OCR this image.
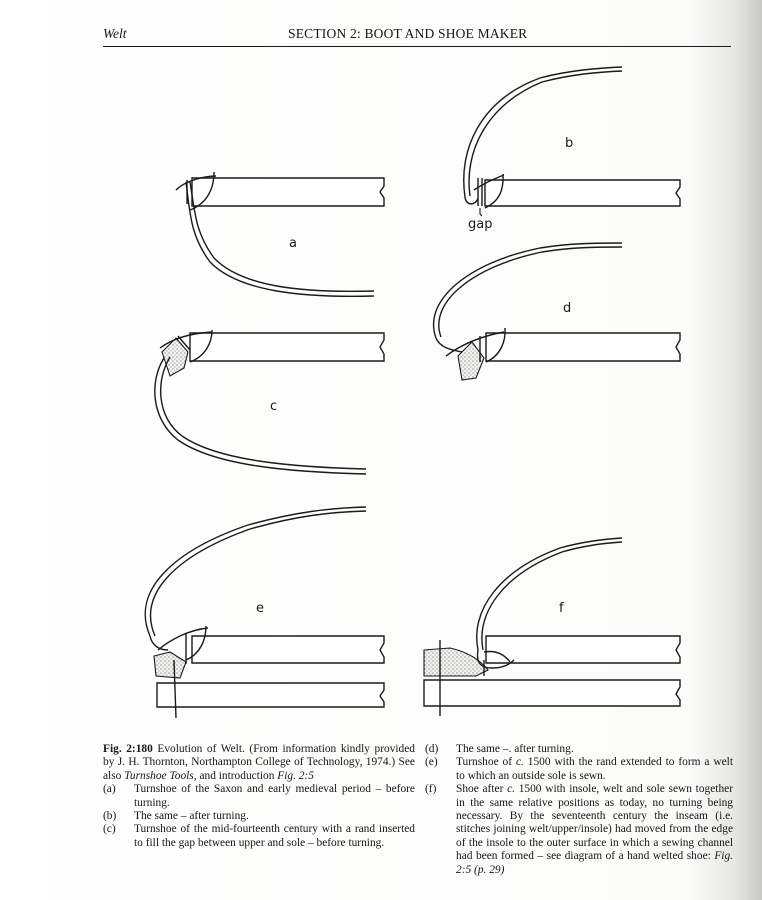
Welt	SECTION 2: BOOT AND SHOE MAKER
a
gap
b
c
d
e	f
Fig. 2:180 Evolution of Welt. (From information kindly provided by J. H. Thornton, Northampton College of Technology, 1974.) See also Turnshoe Tools, and introduction Fig. 2:5
(a)	Turnshoe of the Saxon and early medieval period – before turning.
(b)	The same – after turning.
(c)	Turnshoe of the mid-fourteenth century with a rand inserted to fill the gap between upper and sole – before turning.
(d)	The same –. after turning.
(e)	Turnshoe of c. 1500 with the rand extended to form a welt to which an outside sole is sewn.
(f)	Shoe after c. 1500 with insole, welt and sole sewn together in the same relative positions as today, no turning being necessary. By the seventeenth century the inseam (i.e. stitches joining welt/upper/insole) had moved from the edge of the insole to the outer surface in which a sewing channel had been formed – see diagram of a hand welted shoe: Fig. 2:5 (p. 29)
